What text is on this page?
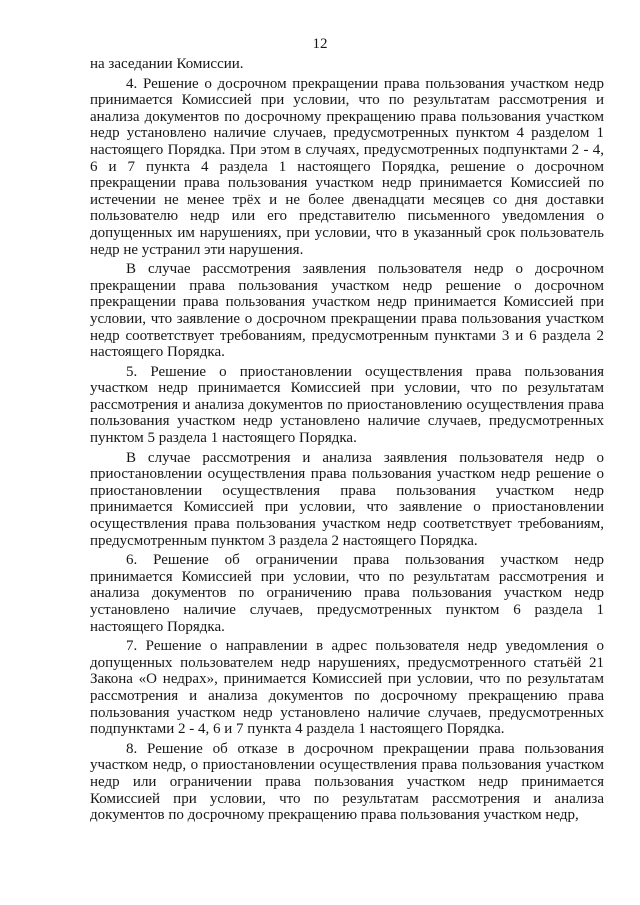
12

на заседании Комиссии.

4. Решение о досрочном прекращении права пользования участком недр принимается Комиссией при условии, что по результатам рассмотрения и анализа документов по досрочному прекращению права пользования участком недр установлено наличие случаев, предусмотренных пунктом 4 разделом 1 настоящего Порядка. При этом в случаях, предусмотренных подпунктами 2 - 4, 6 и 7 пункта 4 раздела 1 настоящего Порядка, решение о досрочном прекращении права пользования участком недр принимается Комиссией по истечении не менее трёх и не более двенадцати месяцев со дня доставки пользователю недр или его представителю письменного уведомления о допущенных им нарушениях, при условии, что в указанный срок пользователь недр не устранил эти нарушения.

В случае рассмотрения заявления пользователя недр о досрочном прекращении права пользования участком недр решение о досрочном прекращении права пользования участком недр принимается Комиссией при условии, что заявление о досрочном прекращении права пользования участком недр соответствует требованиям, предусмотренным пунктами 3 и 6 раздела 2 настоящего Порядка.

5. Решение о приостановлении осуществления права пользования участком недр принимается Комиссией при условии, что по результатам рассмотрения и анализа документов по приостановлению осуществления права пользования участком недр установлено наличие случаев, предусмотренных пунктом 5 раздела 1 настоящего Порядка.

В случае рассмотрения и анализа заявления пользователя недр о приостановлении осуществления права пользования участком недр решение о приостановлении осуществления права пользования участком недр принимается Комиссией при условии, что заявление о приостановлении осуществления права пользования участком недр соответствует требованиям, предусмотренным пунктом 3 раздела 2 настоящего Порядка.

6. Решение об ограничении права пользования участком недр принимается Комиссией при условии, что по результатам рассмотрения и анализа документов по ограничению права пользования участком недр установлено наличие случаев, предусмотренных пунктом 6 раздела 1 настоящего Порядка.

7. Решение о направлении в адрес пользователя недр уведомления о допущенных пользователем недр нарушениях, предусмотренного статьёй 21 Закона «О недрах», принимается Комиссией при условии, что по результатам рассмотрения и анализа документов по досрочному прекращению права пользования участком недр установлено наличие случаев, предусмотренных подпунктами 2 - 4, 6 и 7 пункта 4 раздела 1 настоящего Порядка.

8. Решение об отказе в досрочном прекращении права пользования участком недр, о приостановлении осуществления права пользования участком недр или ограничении права пользования участком недр принимается Комиссией при условии, что по результатам рассмотрения и анализа документов по досрочному прекращению права пользования участком недр,
